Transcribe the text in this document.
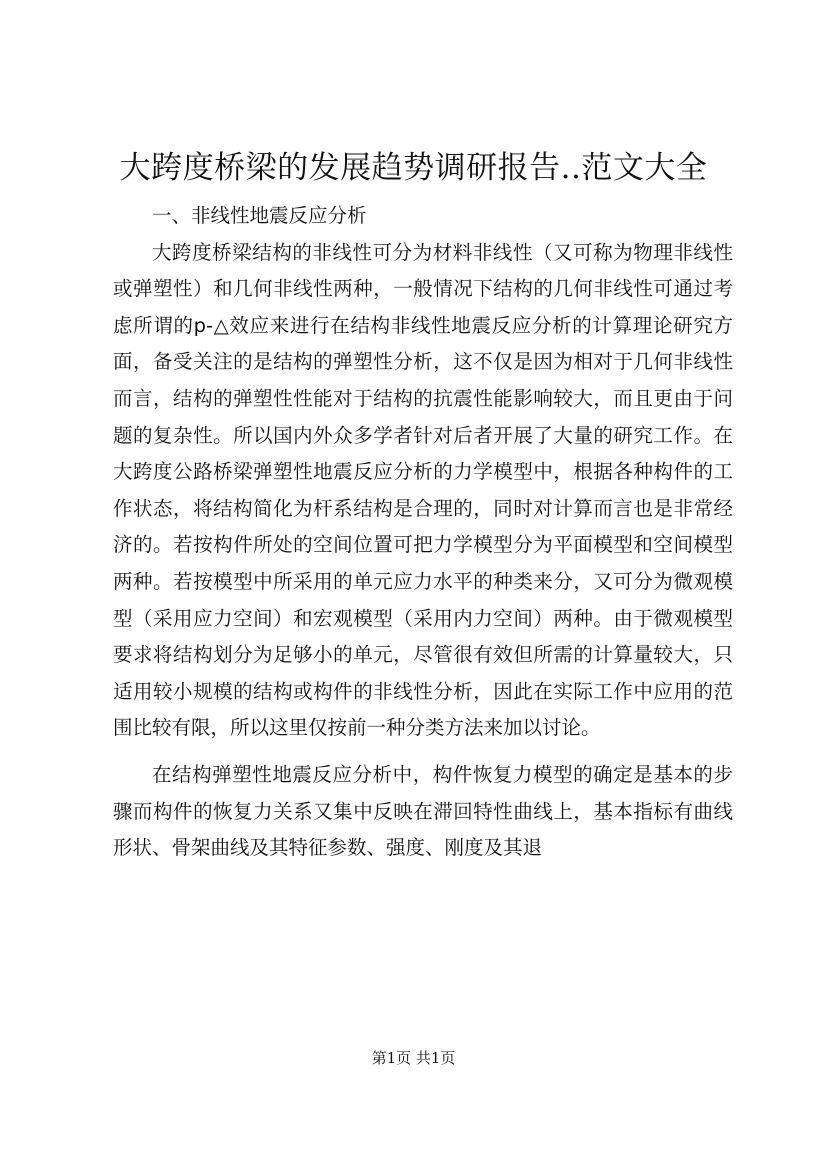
大跨度桥梁的发展趋势调研报告..范文大全

一、非线性地震反应分析

大跨度桥梁结构的非线性可分为材料非线性（又可称为物理非线性或弹塑性）和几何非线性两种，一般情况下结构的几何非线性可通过考虑所谓的p-△效应来进行在结构非线性地震反应分析的计算理论研究方面，备受关注的是结构的弹塑性分析，这不仅是因为相对于几何非线性而言，结构的弹塑性性能对于结构的抗震性能影响较大，而且更由于问题的复杂性。所以国内外众多学者针对后者开展了大量的研究工作。在大跨度公路桥梁弹塑性地震反应分析的力学模型中，根据各种构件的工作状态，将结构简化为杆系结构是合理的，同时对计算而言也是非常经济的。若按构件所处的空间位置可把力学模型分为平面模型和空间模型两种。若按模型中所采用的单元应力水平的种类来分，又可分为微观模型（采用应力空间）和宏观模型（采用内力空间）两种。由于微观模型要求将结构划分为足够小的单元，尽管很有效但所需的计算量较大，只适用较小规模的结构或构件的非线性分析，因此在实际工作中应用的范围比较有限，所以这里仅按前一种分类方法来加以讨论。

在结构弹塑性地震反应分析中，构件恢复力模型的确定是基本的步骤而构件的恢复力关系又集中反映在滞回特性曲线上，基本指标有曲线形状、骨架曲线及其特征参数、强度、刚度及其退

第1页 共1页
